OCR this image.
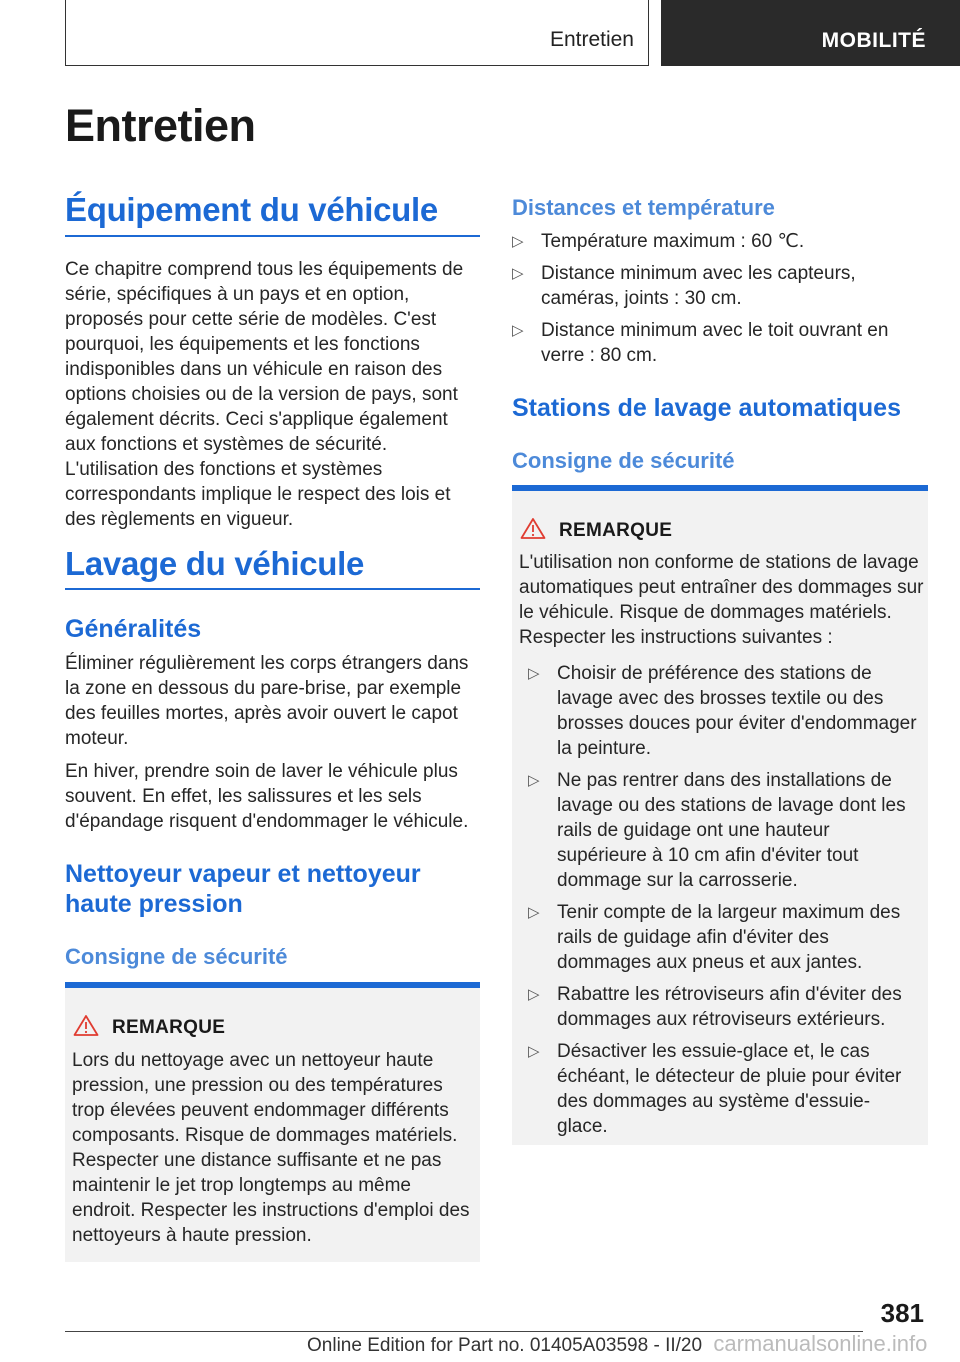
Entretien	MOBILITÉ
Entretien
Équipement du véhicule

Ce chapitre comprend tous les équipements de série, spécifiques à un pays et en option, proposés pour cette série de modèles. C'est pourquoi, les équipements et les fonctions indisponibles dans un véhicule en raison des options choisies ou de la version de pays, sont également décrits. Ceci s'applique également aux fonctions et systèmes de sécurité. L'utilisation des fonctions et systèmes correspondants implique le respect des lois et des règlements en vigueur.

Lavage du véhicule
Généralités

Éliminer régulièrement les corps étrangers dans la zone en dessous du pare-brise, par exemple des feuilles mortes, après avoir ouvert le capot moteur.

En hiver, prendre soin de laver le véhicule plus souvent. En effet, les salissures et les sels d'épandage risquent d'endommager le véhicule.

Nettoyeur vapeur et nettoyeur haute pression
Consigne de sécurité
REMARQUE

Lors du nettoyage avec un nettoyeur haute pression, une pression ou des températures trop élevées peuvent endommager différents composants. Risque de dommages matériels. Respecter une distance suffisante et ne pas maintenir le jet trop longtemps au même endroit. Respecter les instructions d'emploi des nettoyeurs à haute pression.

Distances et température
▷ Température maximum : 60 ℃.
▷ Distance minimum avec les capteurs, caméras, joints : 30 cm.
▷ Distance minimum avec le toit ouvrant en verre : 80 cm.
Stations de lavage automatiques
Consigne de sécurité
REMARQUE

L'utilisation non conforme de stations de lavage automatiques peut entraîner des dommages sur le véhicule. Risque de dommages matériels. Respecter les instructions suivantes :

▷ Choisir de préférence des stations de lavage avec des brosses textile ou des brosses douces pour éviter d'endommager la peinture.
▷ Ne pas rentrer dans des installations de lavage ou des stations de lavage dont les rails de guidage ont une hauteur supérieure à 10 cm afin d'éviter tout dommage sur la carrosserie.
▷ Tenir compte de la largeur maximum des rails de guidage afin d'éviter des dommages aux pneus et aux jantes.
▷ Rabattre les rétroviseurs afin d'éviter des dommages aux rétroviseurs extérieurs.
▷ Désactiver les essuie-glace et, le cas échéant, le détecteur de pluie pour éviter des dommages au système d'essuie-glace.
381
Online Edition for Part no. 01405A03598 - II/20 carmanualsonline.info
